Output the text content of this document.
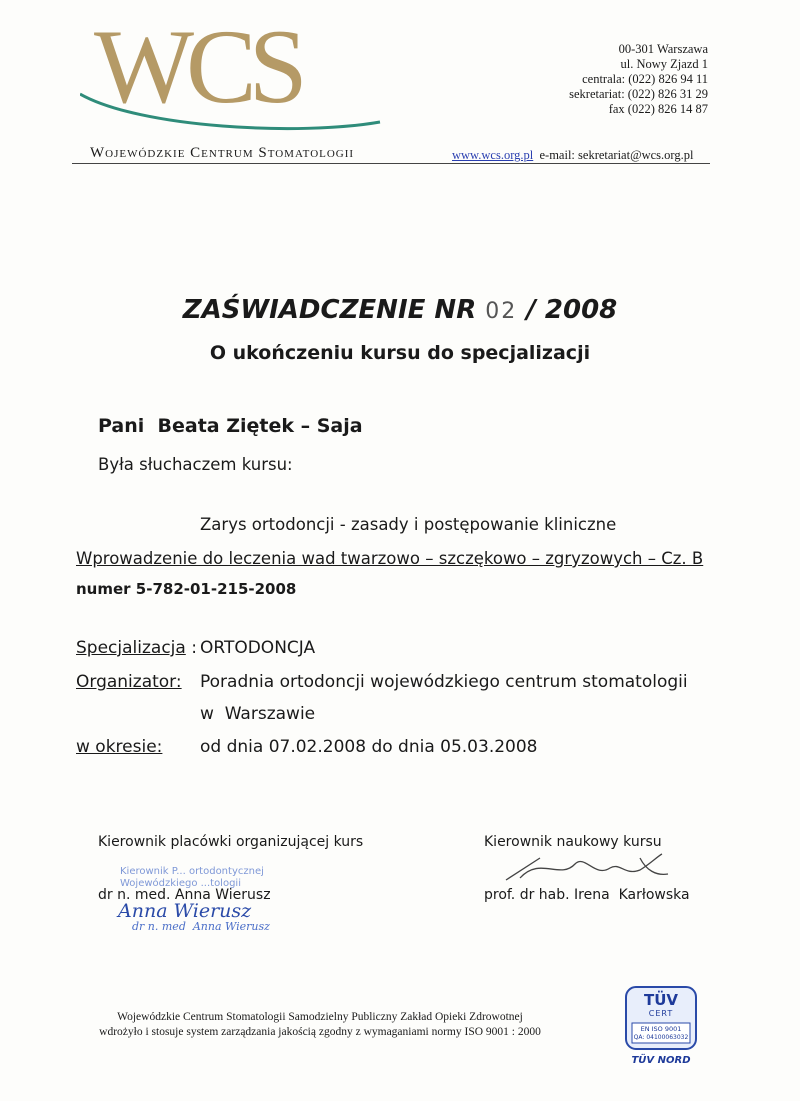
WCS
Wojewódzkie Centrum Stomatologii
00-301 Warszawa
ul. Nowy Zjazd 1
centrala: (022) 826 94 11
sekretariat: (022) 826 31 29
fax (022) 826 14 87
www.wcs.org.pl e-mail: sekretariat@wcs.org.pl
ZAŚWIADCZENIE NR 02 / 2008
O ukończeniu kursu do specjalizacji
Pani  Beata Ziętek – Saja
Była słuchaczem kursu:
Zarys ortodoncji - zasady i postępowanie kliniczne
Wprowadzenie do leczenia wad twarzowo – szczękowo – zgryzowych – Cz. B
numer 5-782-01-215-2008
Specjalizacja : ORTODONCJA
Organizator: Poradnia ortodoncji wojewódzkiego centrum stomatologii
w  Warszawie
w okresie: od dnia 07.02.2008 do dnia 05.03.2008
Kierownik placówki organizującej kurs
Kierownik P... ortodontycznej
Wojewódzkiego ...tologii
dr n. med. Anna Wierusz
Anna Wierusz
dr n. med  Anna Wierusz
Kierownik naukowy kursu
prof. dr hab. Irena  Karłowska
Wojewódzkie Centrum Stomatologii Samodzielny Publiczny Zakład Opieki Zdrowotnej
wdrożyło i stosuje system zarządzania jakością zgodny z wymaganiami normy ISO 9001 : 2000
TÜV
CERT
EN ISO 9001
QA: 04100063032
TÜV NORD
